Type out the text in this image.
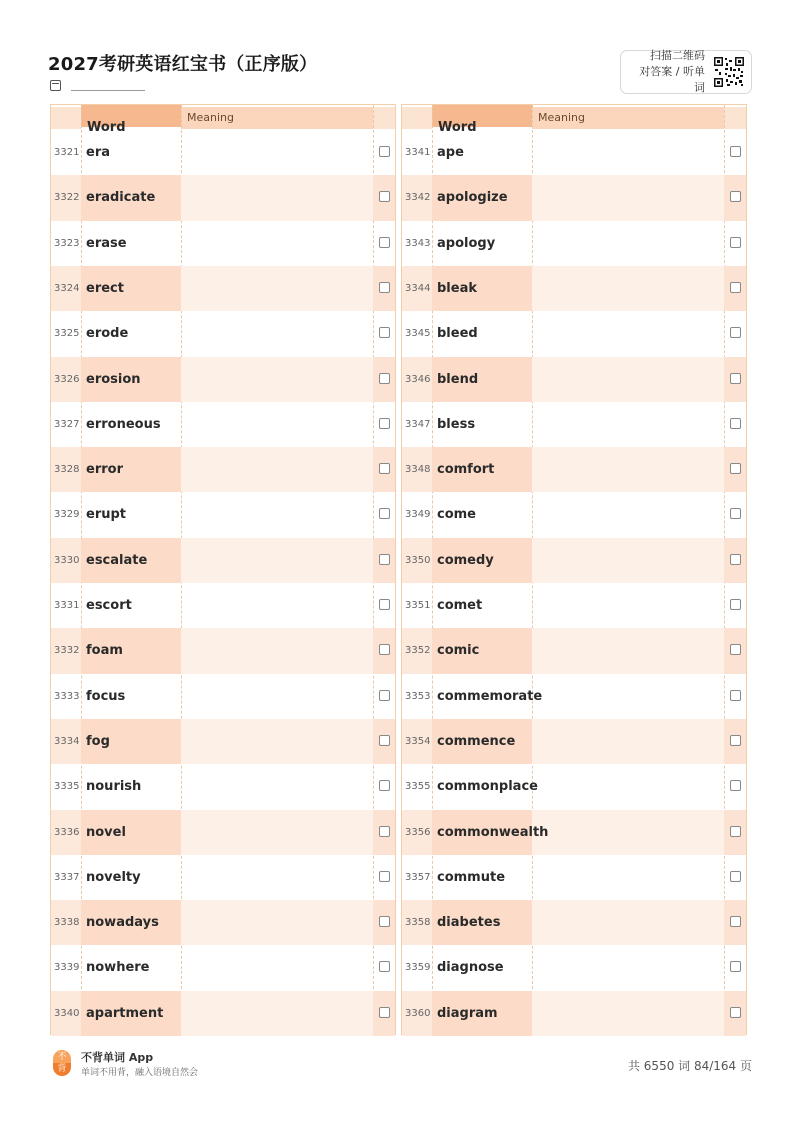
2027考研英语红宝书（正序版）	扫描二维码
对答案 / 听单词
Word
Meaning
3321 era
3322 eradicate
3323 erase
3324 erect
3325 erode
3326 erosion
3327 erroneous
3328 error
3329 erupt
3330 escalate
3331 escort
3332 foam
3333 focus
3334 fog
3335 nourish
3336 novel
3337 novelty
3338 nowadays
3339 nowhere
3340 apartment
Word
Meaning
3341 ape
3342 apologize
3343 apology
3344 bleak
3345 bleed
3346 blend
3347 bless
3348 comfort
3349 come
3350 comedy
3351 comet
3352 comic
3353 commemorate
3354 commence
3355 commonplace
3356 commonwealth
3357 commute
3358 diabetes
3359 diagnose
3360 diagram
不
背
不背单词 App
单词不用背，融入语境自然会	共 6550 词 84/164 页
